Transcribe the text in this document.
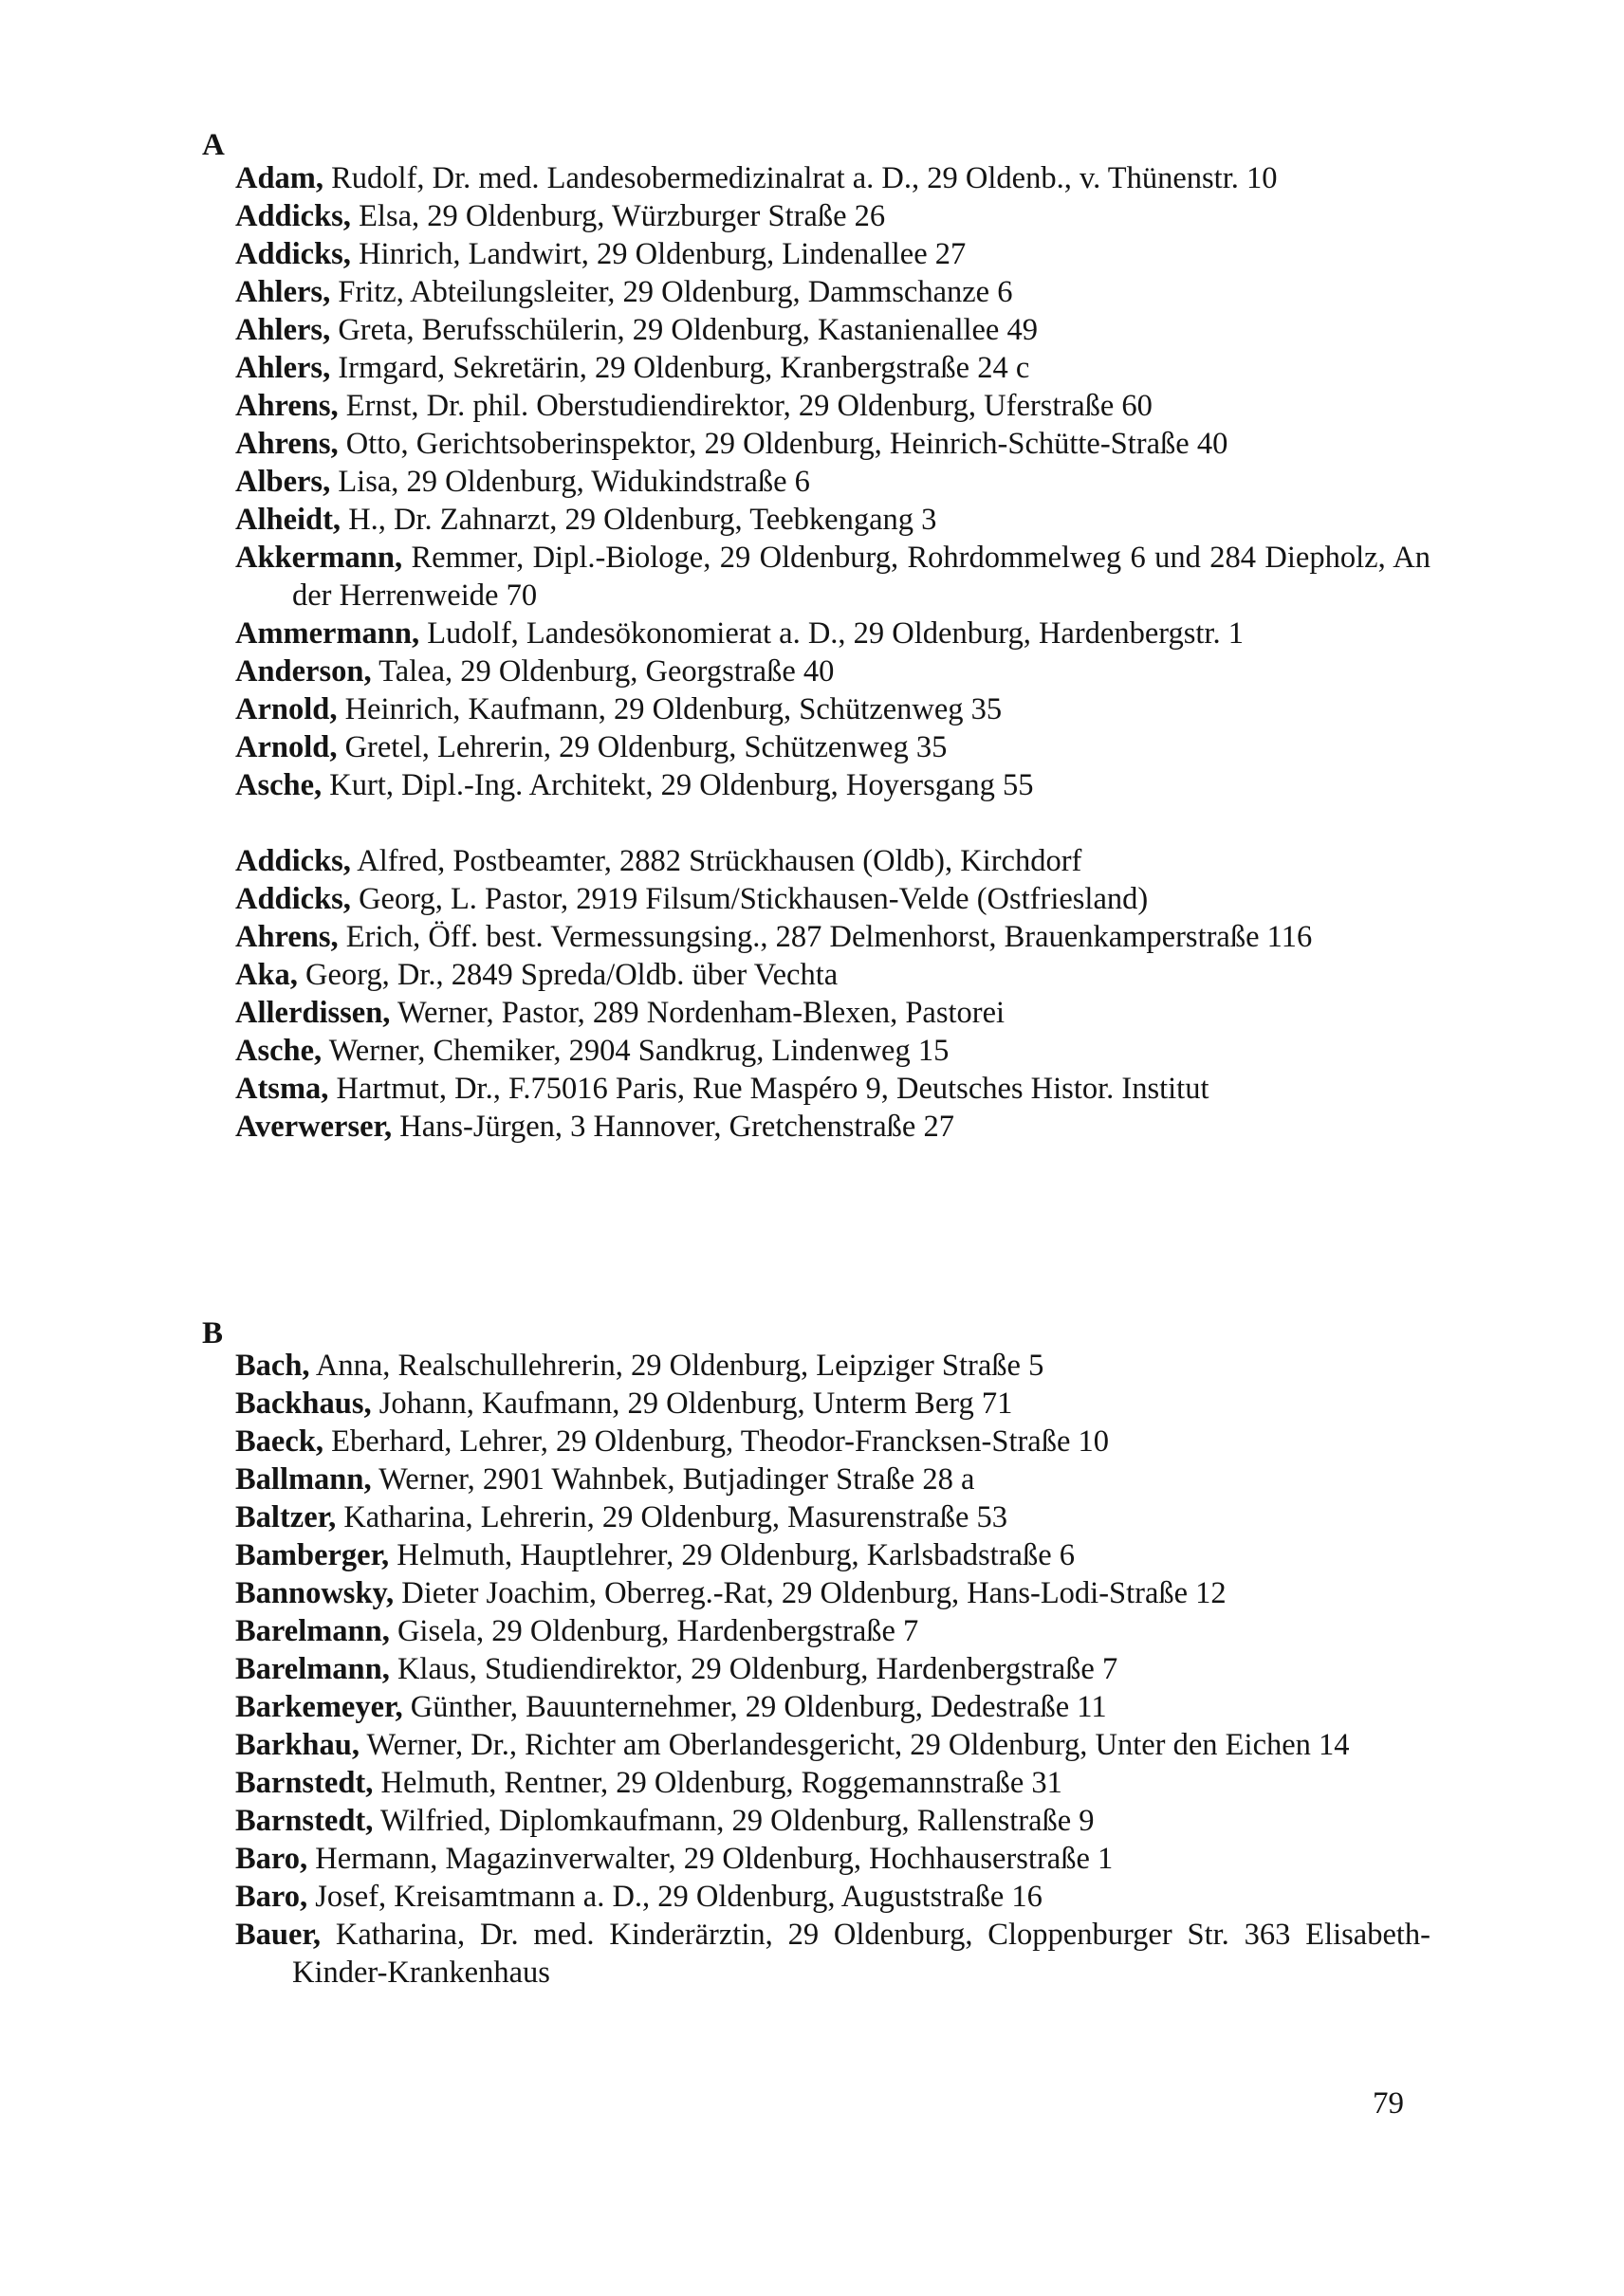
A
Adam, Rudolf, Dr. med. Landesobermedizinalrat a. D., 29 Oldenb., v. Thünenstr. 10
Addicks, Elsa, 29 Oldenburg, Würzburger Straße 26
Addicks, Hinrich, Landwirt, 29 Oldenburg, Lindenallee 27
Ahlers, Fritz, Abteilungsleiter, 29 Oldenburg, Dammschanze 6
Ahlers, Greta, Berufsschülerin, 29 Oldenburg, Kastanienallee 49
Ahlers, Irmgard, Sekretärin, 29 Oldenburg, Kranbergstraße 24 c
Ahrens, Ernst, Dr. phil. Oberstudiendirektor, 29 Oldenburg, Uferstraße 60
Ahrens, Otto, Gerichtsoberinspektor, 29 Oldenburg, Heinrich-Schütte-Straße 40
Albers, Lisa, 29 Oldenburg, Widukindstraße 6
Alheidt, H., Dr. Zahnarzt, 29 Oldenburg, Teebkengang 3
Akkermann, Remmer, Dipl.-Biologe, 29 Oldenburg, Rohrdommelweg 6 und 284 Diepholz, An der Herrenweide 70
Ammermann, Ludolf, Landesökonomierat a. D., 29 Oldenburg, Hardenbergstr. 1
Anderson, Talea, 29 Oldenburg, Georgstraße 40
Arnold, Heinrich, Kaufmann, 29 Oldenburg, Schützenweg 35
Arnold, Gretel, Lehrerin, 29 Oldenburg, Schützenweg 35
Asche, Kurt, Dipl.-Ing. Architekt, 29 Oldenburg, Hoyersgang 55
Addicks, Alfred, Postbeamter, 2882 Strückhausen (Oldb), Kirchdorf
Addicks, Georg, L. Pastor, 2919 Filsum/Stickhausen-Velde (Ostfriesland)
Ahrens, Erich, Öff. best. Vermessungsing., 287 Delmenhorst, Brauenkamperstraße 116
Aka, Georg, Dr., 2849 Spreda/Oldb. über Vechta
Allerdissen, Werner, Pastor, 289 Nordenham-Blexen, Pastorei
Asche, Werner, Chemiker, 2904 Sandkrug, Lindenweg 15
Atsma, Hartmut, Dr., F.75016 Paris, Rue Maspéro 9, Deutsches Histor. Institut
Averwerser, Hans-Jürgen, 3 Hannover, Gretchenstraße 27
B
Bach, Anna, Realschullehrerin, 29 Oldenburg, Leipziger Straße 5
Backhaus, Johann, Kaufmann, 29 Oldenburg, Unterm Berg 71
Baeck, Eberhard, Lehrer, 29 Oldenburg, Theodor-Francksen-Straße 10
Ballmann, Werner, 2901 Wahnbek, Butjadinger Straße 28 a
Baltzer, Katharina, Lehrerin, 29 Oldenburg, Masurenstraße 53
Bamberger, Helmuth, Hauptlehrer, 29 Oldenburg, Karlsbadstraße 6
Bannowsky, Dieter Joachim, Oberreg.-Rat, 29 Oldenburg, Hans-Lodi-Straße 12
Barelmann, Gisela, 29 Oldenburg, Hardenbergstraße 7
Barelmann, Klaus, Studiendirektor, 29 Oldenburg, Hardenbergstraße 7
Barkemeyer, Günther, Bauunternehmer, 29 Oldenburg, Dedestraße 11
Barkhau, Werner, Dr., Richter am Oberlandesgericht, 29 Oldenburg, Unter den Eichen 14
Barnstedt, Helmuth, Rentner, 29 Oldenburg, Roggemannstraße 31
Barnstedt, Wilfried, Diplomkaufmann, 29 Oldenburg, Rallenstraße 9
Baro, Hermann, Magazinverwalter, 29 Oldenburg, Hochhauserstraße 1
Baro, Josef, Kreisamtmann a. D., 29 Oldenburg, Auguststraße 16
Bauer, Katharina, Dr. med. Kinderärztin, 29 Oldenburg, Cloppenburger Str. 363 Elisabeth-Kinder-Krankenhaus
79
